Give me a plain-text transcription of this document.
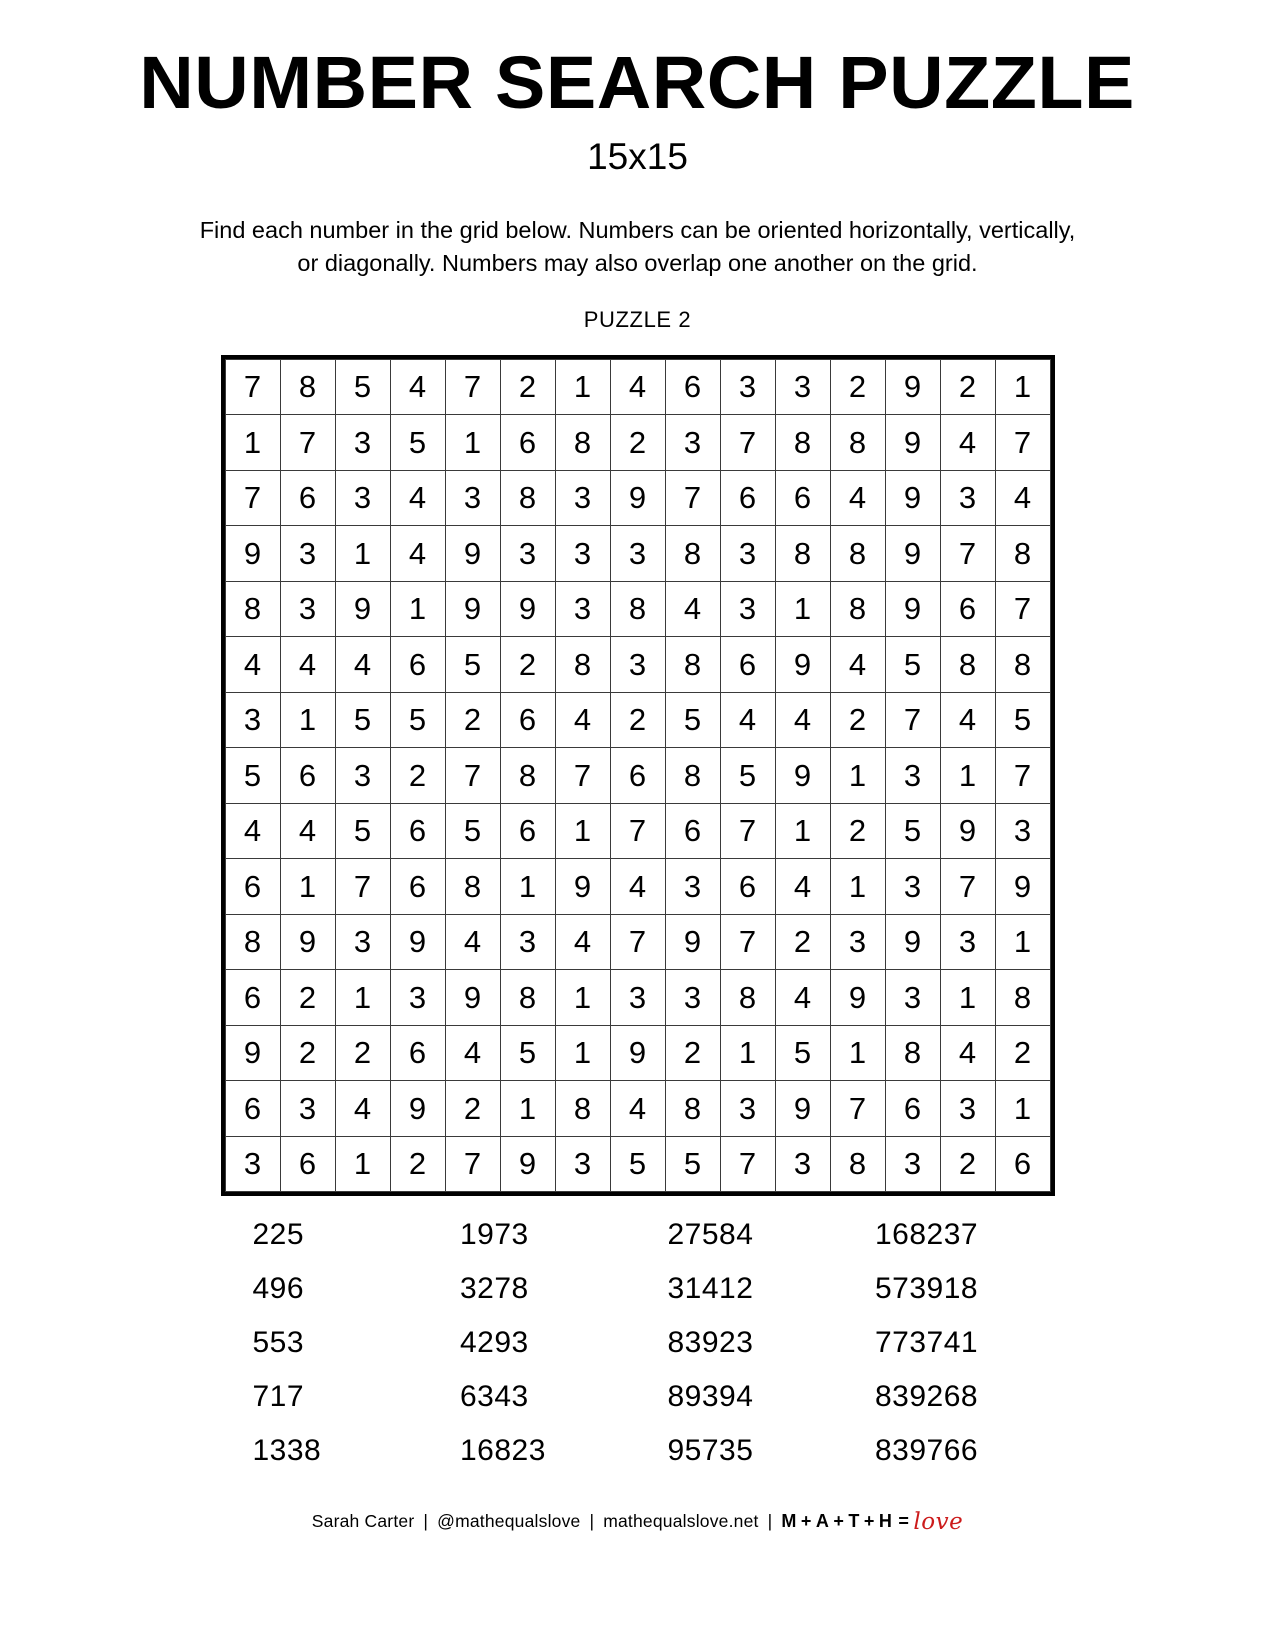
NUMBER SEARCH PUZZLE
15x15
Find each number in the grid below. Numbers can be oriented horizontally, vertically, or diagonally. Numbers may also overlap one another on the grid.
PUZZLE 2
7	8	5	4	7	2	1	4	6	3	3	2	9	2	1
1	7	3	5	1	6	8	2	3	7	8	8	9	4	7
7	6	3	4	3	8	3	9	7	6	6	4	9	3	4
9	3	1	4	9	3	3	3	8	3	8	8	9	7	8
8	3	9	1	9	9	3	8	4	3	1	8	9	6	7
4	4	4	6	5	2	8	3	8	6	9	4	5	8	8
3	1	5	5	2	6	4	2	5	4	4	2	7	4	5
5	6	3	2	7	8	7	6	8	5	9	1	3	1	7
4	4	5	6	5	6	1	7	6	7	1	2	5	9	3
6	1	7	6	8	1	9	4	3	6	4	1	3	7	9
8	9	3	9	4	3	4	7	9	7	2	3	9	3	1
6	2	1	3	9	8	1	3	3	8	4	9	3	1	8
9	2	2	6	4	5	1	9	2	1	5	1	8	4	2
6	3	4	9	2	1	8	4	8	3	9	7	6	3	1
3	6	1	2	7	9	3	5	5	7	3	8	3	2	6
225	1973	27584	168237
496	3278	31412	573918
553	4293	83923	773741
717	6343	89394	839268
1338	16823	95735	839766
Sarah Carter | @mathequalslove | mathequalslove.net | M + A + T + H = love
